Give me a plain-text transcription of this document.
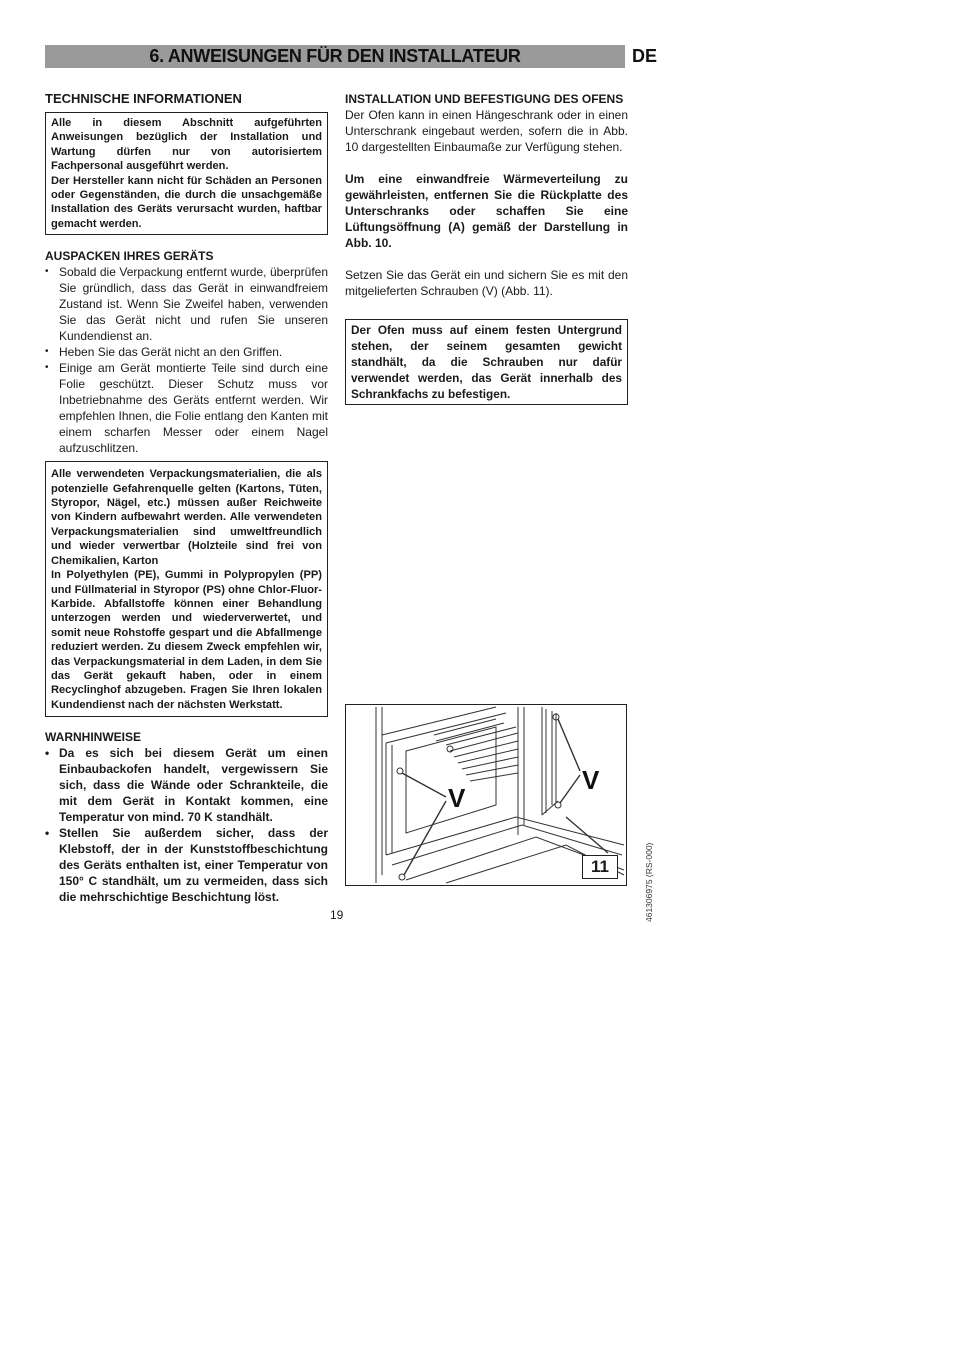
6. ANWEISUNGEN FÜR DEN INSTALLATEUR	DE
TECHNISCHE INFORMATIONEN

Alle in diesem Abschnitt aufgeführten Anweisungen bezüglich der Installation und Wartung dürfen nur von autorisiertem Fachpersonal ausgeführt werden.

Der Hersteller kann nicht für Schäden an Personen oder Gegenständen, die durch die unsachgemäße Installation des Geräts verursacht wurden, haftbar gemacht werden.

AUSPACKEN IHRES GERÄTS
• Sobald die Verpackung entfernt wurde, überprüfen Sie gründlich, dass das Gerät in einwandfreiem Zustand ist. Wenn Sie Zweifel haben, verwenden Sie das Gerät nicht und rufen Sie unseren Kundendienst an.
• Heben Sie das Gerät nicht an den Griffen.
• Einige am Gerät montierte Teile sind durch eine Folie geschützt. Dieser Schutz muss vor Inbetriebnahme des Geräts entfernt werden. Wir empfehlen Ihnen, die Folie entlang den Kanten mit einem scharfen Messer oder einem Nagel aufzuschlitzen.

Alle verwendeten Verpackungsmaterialien, die als potenzielle Gefahrenquelle gelten (Kartons, Tüten, Styropor, Nägel, etc.) müssen außer Reichweite von Kindern aufbewahrt werden. Alle verwendeten Verpackungsmaterialien sind umweltfreundlich und wieder verwertbar (Holzteile sind frei von Chemikalien, Karton

In Polyethylen (PE), Gummi in Polypropylen (PP) und Füllmaterial in Styropor (PS) ohne Chlor-Fluor-Karbide. Abfallstoffe können einer Behandlung unterzogen werden und wiederverwertet, und somit neue Rohstoffe gespart und die Abfallmenge reduziert werden. Zu diesem Zweck empfehlen wir, das Verpackungsmaterial in dem Laden, in dem Sie das Gerät gekauft haben, oder in einem Recyclinghof abzugeben. Fragen Sie Ihren lokalen Kundendienst nach der nächsten Werkstatt.

WARNHINWEISE
• Da es sich bei diesem Gerät um einen Einbaubackofen handelt, vergewissern Sie sich, dass die Wände oder Schrankteile, die mit dem Gerät in Kontakt kommen, eine Temperatur von mind. 70 K standhält.
• Stellen Sie außerdem sicher, dass der Klebstoff, der in der Kunststoffbeschichtung des Geräts enthalten ist, einer Temperatur von 150° C standhält, um zu vermeiden, dass sich die mehrschichtige Beschichtung löst.
INSTALLATION UND BEFESTIGUNG DES OFENS

Der Ofen kann in einen Hängeschrank oder in einen Unterschrank eingebaut werden, sofern die in Abb. 10 dargestellten Einbaumaße zur Verfügung stehen.

Um eine einwandfreie Wärmeverteilung zu gewährleisten, entfernen Sie die Rückplatte des Unterschranks oder schaffen Sie eine Lüftungsöffnung (A) gemäß der Darstellung in Abb. 10.

Setzen Sie das Gerät ein und sichern Sie es mit den mitgelieferten Schrauben (V) (Abb. 11).

Der Ofen muss auf einem festen Untergrund stehen, der seinem gesamten gewicht standhält, da die Schrauben nur dafür verwendet werden, das Gerät innerhalb des Schrankfachs zu befestigen.

V
V
11
19	461306975 (RS-000)
